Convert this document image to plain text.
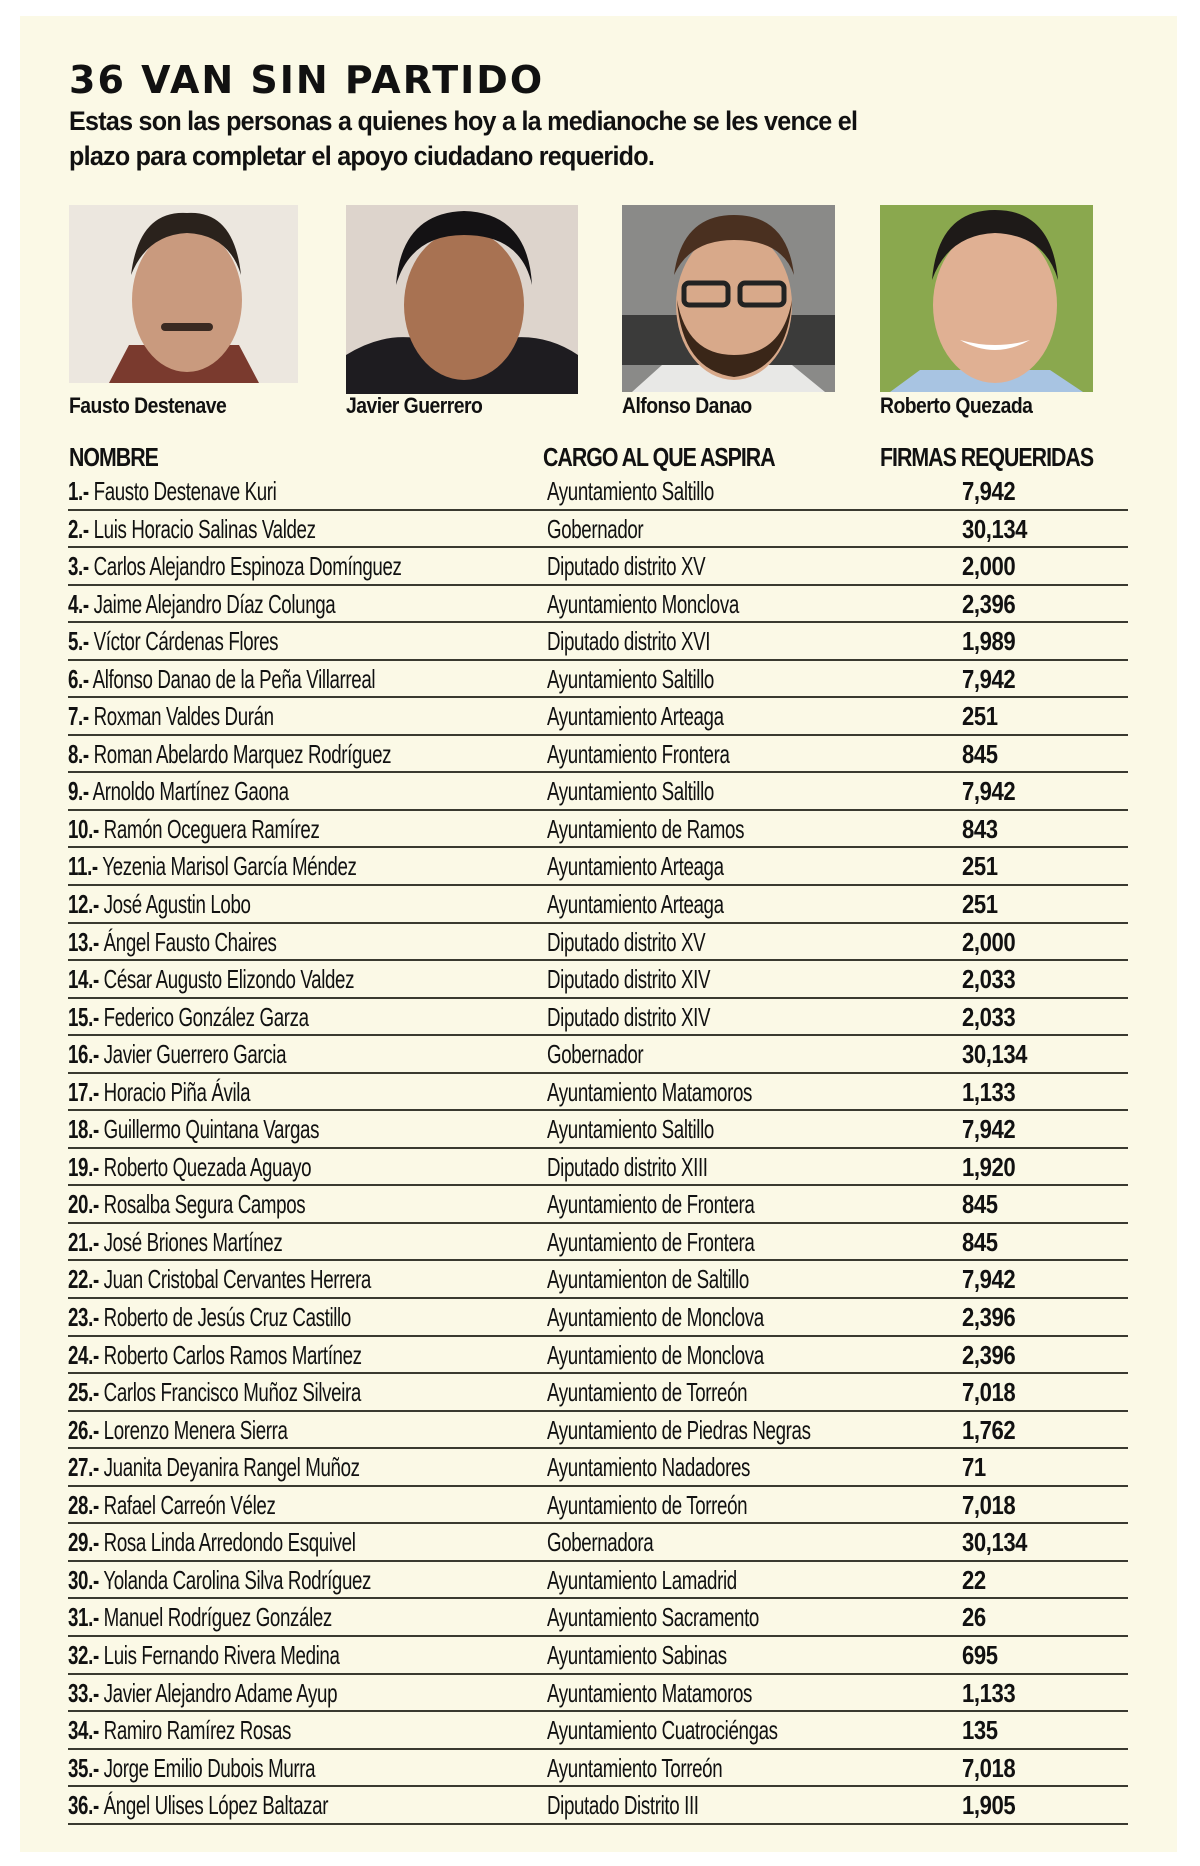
36 VAN SIN PARTIDO
Estas son las personas a quienes hoy a la medianoche se les vence el plazo para completar el apoyo ciudadano requerido.
Fausto Destenave	Javier Guerrero	Alfonso Danao	Roberto Quezada
NOMBRE	CARGO AL QUE ASPIRA	FIRMAS REQUERIDAS
1.- Fausto Destenave Kuri	Ayuntamiento Saltillo	7,942
2.- Luis Horacio Salinas Valdez	Gobernador	30,134
3.- Carlos Alejandro Espinoza Domínguez	Diputado distrito XV	2,000
4.- Jaime Alejandro Díaz Colunga	Ayuntamiento Monclova	2,396
5.- Víctor Cárdenas Flores	Diputado distrito XVI	1,989
6.- Alfonso Danao de la Peña Villarreal	Ayuntamiento Saltillo	7,942
7.- Roxman Valdes Durán	Ayuntamiento Arteaga	251
8.- Roman Abelardo Marquez Rodríguez	Ayuntamiento Frontera	845
9.- Arnoldo Martínez Gaona	Ayuntamiento Saltillo	7,942
10.- Ramón Oceguera Ramírez	Ayuntamiento de Ramos	843
11.- Yezenia Marisol García Méndez	Ayuntamiento Arteaga	251
12.- José Agustin Lobo	Ayuntamiento Arteaga	251
13.- Ángel Fausto Chaires	Diputado distrito XV	2,000
14.- César Augusto Elizondo Valdez	Diputado distrito XIV	2,033
15.- Federico González Garza	Diputado distrito XIV	2,033
16.- Javier Guerrero Garcia	Gobernador	30,134
17.- Horacio Piña Ávila	Ayuntamiento Matamoros	1,133
18.- Guillermo Quintana Vargas	Ayuntamiento Saltillo	7,942
19.- Roberto Quezada Aguayo	Diputado distrito XIII	1,920
20.- Rosalba Segura Campos	Ayuntamiento de Frontera	845
21.- José Briones Martínez	Ayuntamiento de Frontera	845
22.- Juan Cristobal Cervantes Herrera	Ayuntamienton de Saltillo	7,942
23.- Roberto de Jesús Cruz Castillo	Ayuntamiento de Monclova	2,396
24.- Roberto Carlos Ramos Martínez	Ayuntamiento de Monclova	2,396
25.- Carlos Francisco Muñoz Silveira	Ayuntamiento de Torreón	7,018
26.- Lorenzo Menera Sierra	Ayuntamiento de Piedras Negras	1,762
27.- Juanita Deyanira Rangel Muñoz	Ayuntamiento Nadadores	71
28.- Rafael Carreón Vélez	Ayuntamiento de Torreón	7,018
29.- Rosa Linda Arredondo Esquivel	Gobernadora	30,134
30.- Yolanda Carolina Silva Rodríguez	Ayuntamiento Lamadrid	22
31.- Manuel Rodríguez González	Ayuntamiento Sacramento	26
32.- Luis Fernando Rivera Medina	Ayuntamiento Sabinas	695
33.- Javier Alejandro Adame Ayup	Ayuntamiento Matamoros	1,133
34.- Ramiro Ramírez Rosas	Ayuntamiento Cuatrociéngas	135
35.- Jorge Emilio Dubois Murra	Ayuntamiento Torreón	7,018
36.- Ángel Ulises López Baltazar	Diputado Distrito III	1,905
